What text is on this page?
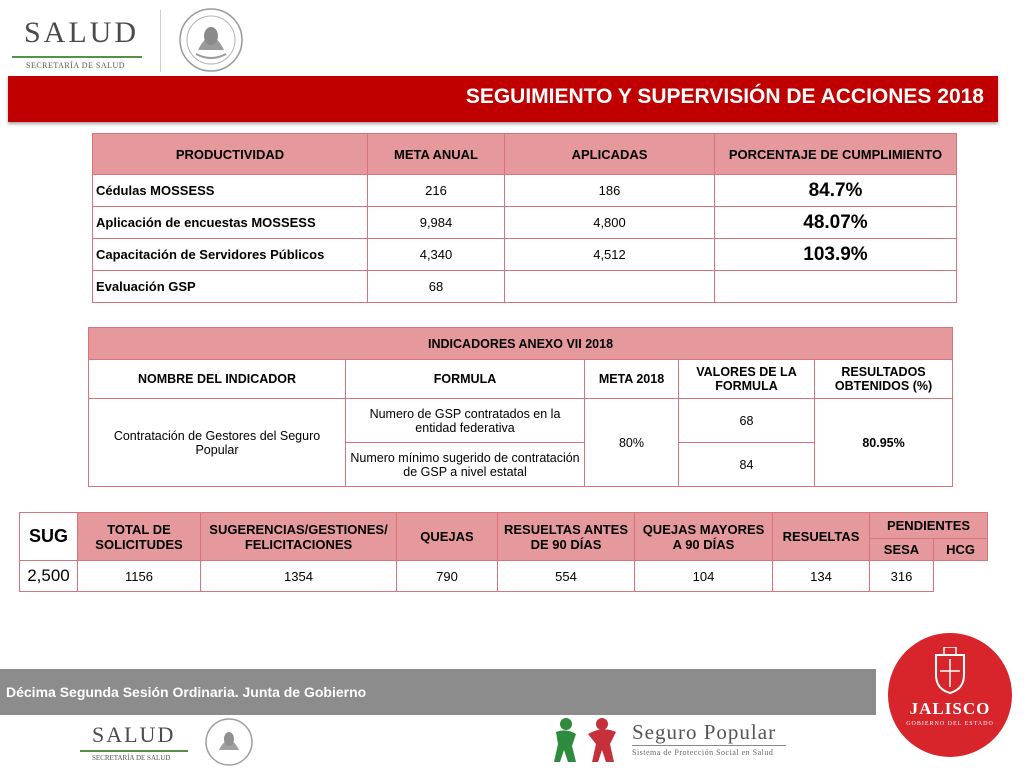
SALUD
SECRETARÍA DE SALUD
SEGUIMIENTO Y SUPERVISIÓN DE ACCIONES 2018
PRODUCTIVIDAD	META ANUAL	APLICADAS	PORCENTAJE DE CUMPLIMIENTO
Cédulas MOSSESS	216	186	84.7%
Aplicación de encuestas MOSSESS	9,984	4,800	48.07%
Capacitación de Servidores Públicos	4,340	4,512	103.9%
Evaluación GSP	68		
INDICADORES ANEXO VII 2018				
NOMBRE DEL INDICADOR	FORMULA	META 2018	VALORES DE LA FORMULA	RESULTADOS OBTENIDOS (%)
Contratación de Gestores del Seguro Popular	Numero de GSP contratados en la entidad federativa	80%	68	80.95%
	Numero mínimo sugerido de contratación de GSP a nivel estatal		84	
SUG	TOTAL DE SOLICITUDES	SUGERENCIAS/GESTIONES/ FELICITACIONES	QUEJAS	RESUELTAS ANTES DE 90 DÍAS	QUEJAS MAYORES A 90 DÍAS	RESUELTAS	PENDIENTES	
							SESA	HCG
2,500	1156	1354	790	554	104	134	316	
Décima Segunda Sesión Ordinaria. Junta de Gobierno
JALISCO
GOBIERNO DEL ESTADO
SALUD
SECRETARÍA DE SALUD
Seguro Popular
Sistema de Protección Social en Salud
